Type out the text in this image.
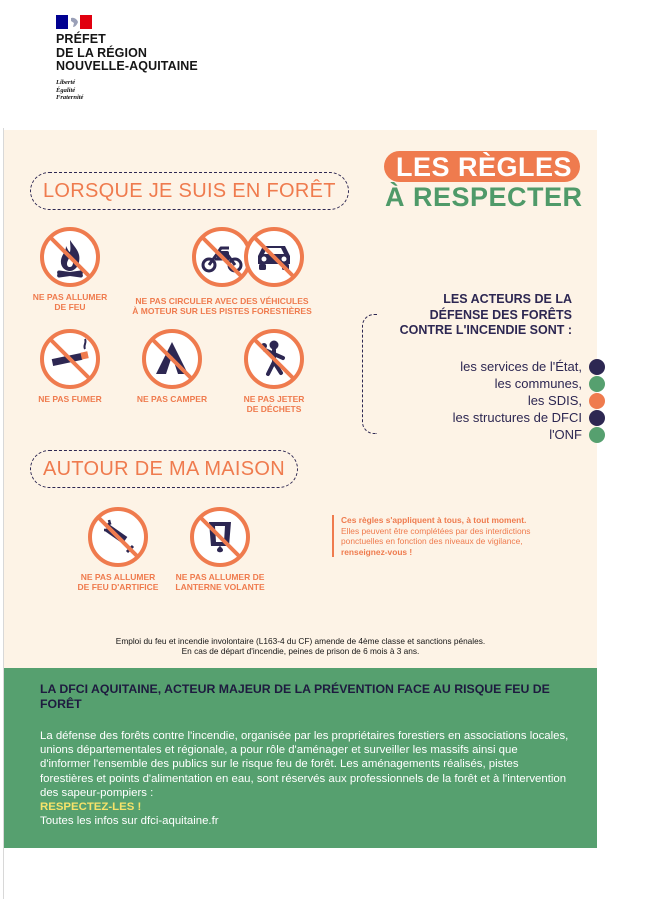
PRÉFET
DE LA RÉGION
NOUVELLE-AQUITAINE
Liberté
Égalité
Fraternité
LES RÈGLES
À RESPECTER
LORSQUE JE SUIS EN FORÊT
NE PAS ALLUMER
DE FEU
NE PAS CIRCULER AVEC DES VÉHICULES
À MOTEUR SUR LES PISTES FORESTIÈRES
NE PAS FUMER	NE PAS CAMPER	NE PAS JETER
DE DÉCHETS
AUTOUR DE MA MAISON
NE PAS ALLUMER
DE FEU D'ARTIFICE
NE PAS ALLUMER DE
LANTERNE VOLANTE
LES ACTEURS DE LA
DÉFENSE DES FORÊTS
CONTRE L'INCENDIE SONT :
les services de l'État,
les communes,
les SDIS,
les structures de DFCI
l'ONF
Ces règles s'appliquent à tous, à tout moment.
Elles peuvent être complétées par des interdictions ponctuelles en fonction des niveaux de vigilance, renseignez-vous !
Emploi du feu et incendie involontaire (L163-4 du CF) amende de 4ème classe et sanctions pénales.
En cas de départ d'incendie, peines de prison de 6 mois à 3 ans.
LA DFCI AQUITAINE, ACTEUR MAJEUR DE LA PRÉVENTION FACE AU RISQUE FEU DE FORÊT
La défense des forêts contre l'incendie, organisée par les propriétaires forestiers en associations locales, unions départementales et régionale, a pour rôle d'aménager et surveiller les massifs ainsi que d'informer l'ensemble des publics sur le risque feu de forêt. Les aménagements réalisés, pistes forestières et points d'alimentation en eau, sont réservés aux professionnels de la forêt et à l'intervention des sapeur-pompiers :
RESPECTEZ-LES !
Toutes les infos sur dfci-aquitaine.fr
